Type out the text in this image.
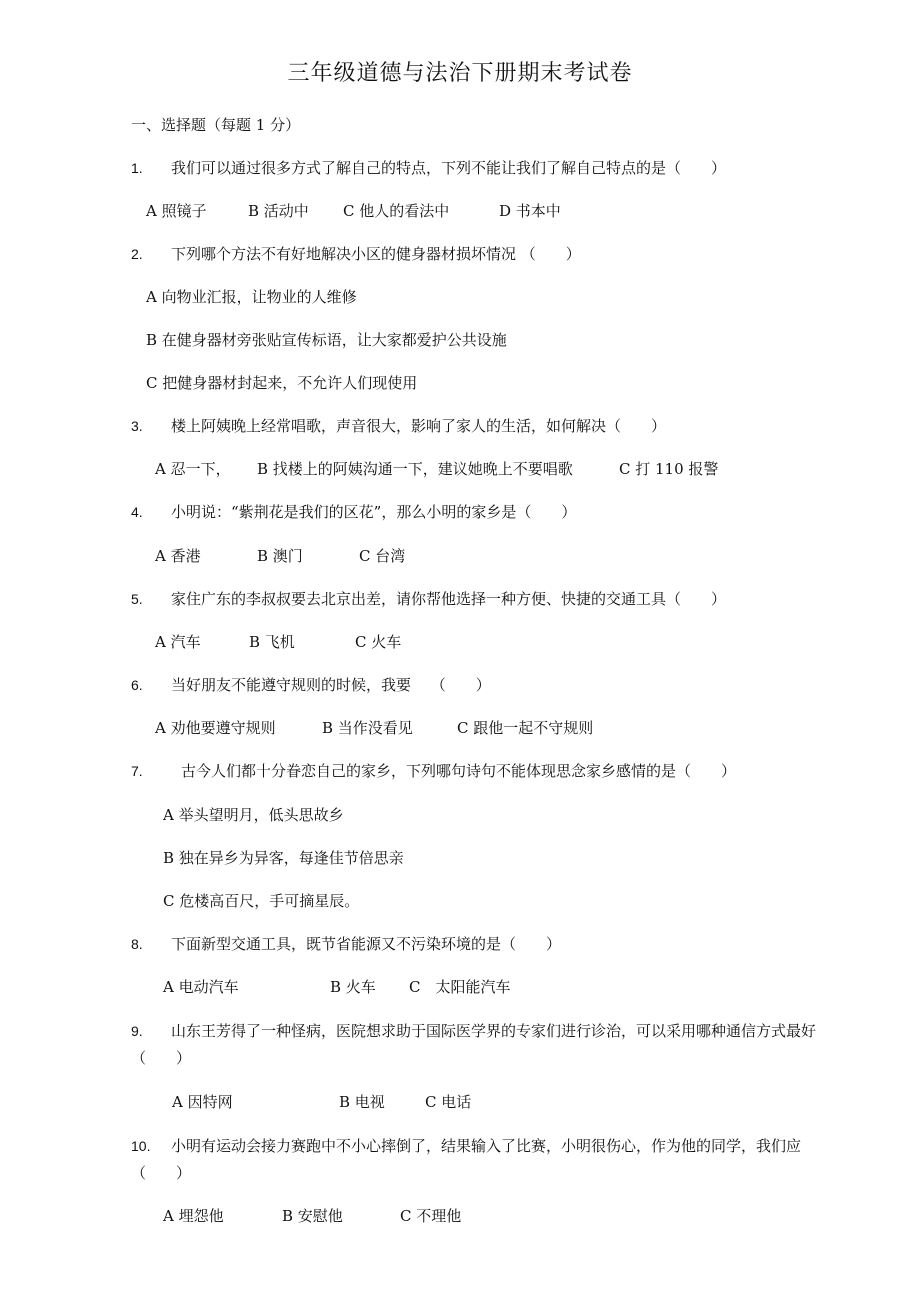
三年级道德与法治下册期末考试卷
一、选择题（每题 1 分）
1. 我们可以通过很多方式了解自己的特点，下列不能让我们了解自己特点的是（　　）
A 照镜子	B 活动中 C 他人的看法中	D 书本中
2. 下列哪个方法不有好地解决小区的健身器材损坏情况 （　　）
A 向物业汇报，让物业的人维修
B 在健身器材旁张贴宣传标语，让大家都爱护公共设施
C 把健身器材封起来，不允许人们现使用
3. 楼上阿姨晚上经常唱歌，声音很大，影响了家人的生活，如何解决（　　）
A 忍一下， B 找楼上的阿姨沟通一下，建议她晚上不要唱歌	C 打 110 报警
4. 小明说：“紫荆花是我们的区花”，那么小明的家乡是（　　）
A 香港	B 澳门	C 台湾
5. 家住广东的李叔叔要去北京出差，请你帮他选择一种方便、快捷的交通工具（　　）
A 汽车	B 飞机	C 火车
6. 当好朋友不能遵守规则的时候，我要　 （　　）
A 劝他要遵守规则	B 当作没看见	C 跟他一起不守规则
7.	古今人们都十分眷恋自己的家乡，下列哪句诗句不能体现思念家乡感情的是（　　）
A 举头望明月，低头思故乡
B 独在异乡为异客，每逢佳节倍思亲
C 危楼高百尺，手可摘星辰。
8. 下面新型交通工具，既节省能源又不污染环境的是（　　）
A 电动汽车	B 火车 C　太阳能汽车
9. 山东王芳得了一种怪病，医院想求助于国际医学界的专家们进行诊治，可以采用哪种通信方式最好（　　）
A 因特网	B 电视	C 电话
10. 小明有运动会接力赛跑中不小心摔倒了，结果输入了比赛，小明很伤心，作为他的同学，我们应（　　）
A 埋怨他	B 安慰他	C 不理他
